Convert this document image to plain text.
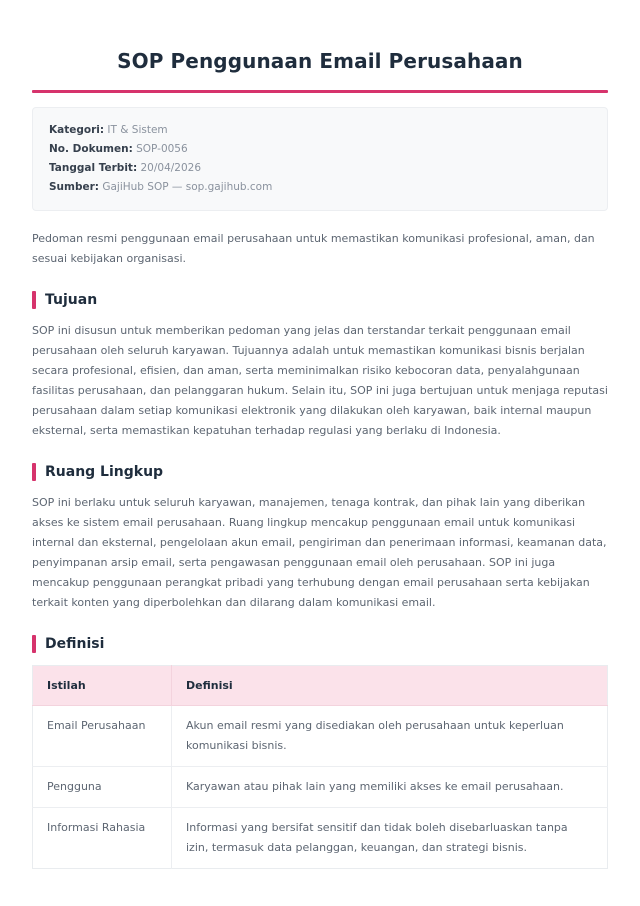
SOP Penggunaan Email Perusahaan
Kategori: IT & Sistem
No. Dokumen: SOP-0056
Tanggal Terbit: 20/04/2026
Sumber: GajiHub SOP — sop.gajihub.com

Pedoman resmi penggunaan email perusahaan untuk memastikan komunikasi profesional, aman, dan sesuai kebijakan organisasi.

Tujuan

SOP ini disusun untuk memberikan pedoman yang jelas dan terstandar terkait penggunaan email perusahaan oleh seluruh karyawan. Tujuannya adalah untuk memastikan komunikasi bisnis berjalan secara profesional, efisien, dan aman, serta meminimalkan risiko kebocoran data, penyalahgunaan fasilitas perusahaan, dan pelanggaran hukum. Selain itu, SOP ini juga bertujuan untuk menjaga reputasi perusahaan dalam setiap komunikasi elektronik yang dilakukan oleh karyawan, baik internal maupun eksternal, serta memastikan kepatuhan terhadap regulasi yang berlaku di Indonesia.

Ruang Lingkup

SOP ini berlaku untuk seluruh karyawan, manajemen, tenaga kontrak, dan pihak lain yang diberikan akses ke sistem email perusahaan. Ruang lingkup mencakup penggunaan email untuk komunikasi internal dan eksternal, pengelolaan akun email, pengiriman dan penerimaan informasi, keamanan data, penyimpanan arsip email, serta pengawasan penggunaan email oleh perusahaan. SOP ini juga mencakup penggunaan perangkat pribadi yang terhubung dengan email perusahaan serta kebijakan terkait konten yang diperbolehkan dan dilarang dalam komunikasi email.

Definisi
Istilah	Definisi
Email Perusahaan	Akun email resmi yang disediakan oleh perusahaan untuk keperluan komunikasi bisnis.
Pengguna	Karyawan atau pihak lain yang memiliki akses ke email perusahaan.
Informasi Rahasia	Informasi yang bersifat sensitif dan tidak boleh disebarluaskan tanpa izin, termasuk data pelanggan, keuangan, dan strategi bisnis.
